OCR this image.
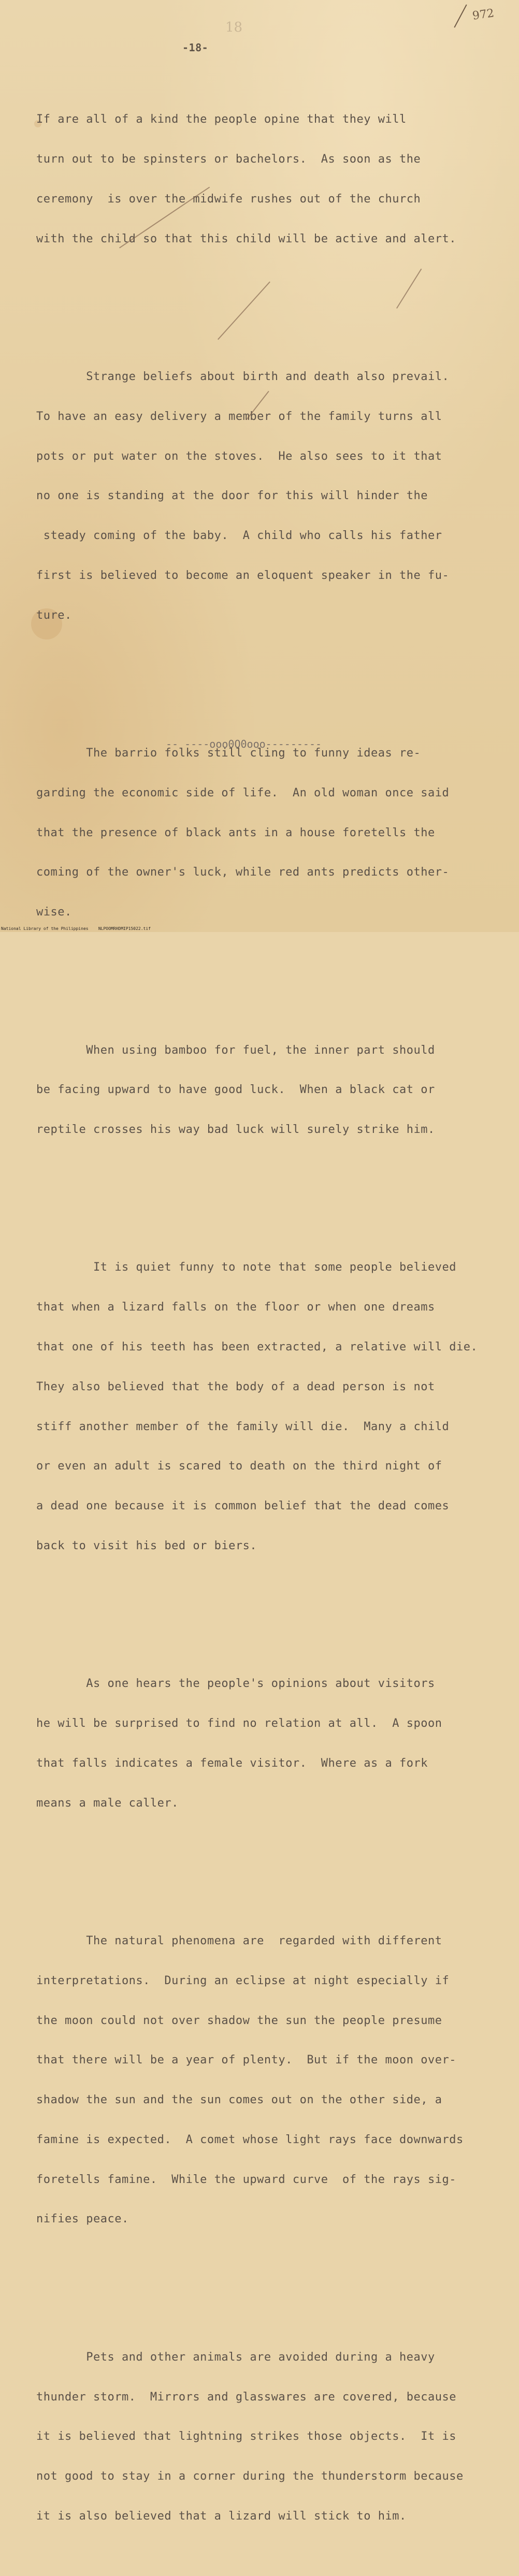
972
18
-18-

If are all of a kind the people opine that they will

turn out to be spinsters or bachelors.  As soon as the

ceremony  is over the midwife rushes out of the church

with the child so that this child will be active and alert.

Strange beliefs about birth and death also prevail.

To have an easy delivery a member of the family turns all

pots or put water on the stoves.  He also sees to it that

no one is standing at the door for this will hinder the

steady coming of the baby.  A child who calls his father

first is believed to become an eloquent speaker in the fu-

ture.

The barrio folks still cling to funny ideas re-

garding the economic side of life.  An old woman once said

that the presence of black ants in a house foretells the

coming of the owner's luck, while red ants predicts other-

wise.

When using bamboo for fuel, the inner part should

be facing upward to have good luck.  When a black cat or

reptile crosses his way bad luck will surely strike him.

It is quiet funny to note that some people believed

that when a lizard falls on the floor or when one dreams

that one of his teeth has been extracted, a relative will die.

They also believed that the body of a dead person is not

stiff another member of the family will die.  Many a child

or even an adult is scared to death on the third night of

a dead one because it is common belief that the dead comes

back to visit his bed or biers.

As one hears the people's opinions about visitors

he will be surprised to find no relation at all.  A spoon

that falls indicates a female visitor.  Where as a fork

means a male caller.

The natural phenomena are  regarded with different

interpretations.  During an eclipse at night especially if

the moon could not over shadow the sun the people presume

that there will be a year of plenty.  But if the moon over-

shadow the sun and the sun comes out on the other side, a

famine is expected.  A comet whose light rays face downwards

foretells famine.  While the upward curve  of the rays sig-

nifies peace.

Pets and other animals are avoided during a heavy

thunder storm.  Mirrors and glasswares are covered, because

it is believed that lightning strikes those objects.  It is

not good to stay in a corner during the thunderstorm because

it is also believed that a lizard will stick to him.

-- ----ooo0O0ooo---------
National Library of the Philippines    NLPOOMRHDMIP15022.tif
